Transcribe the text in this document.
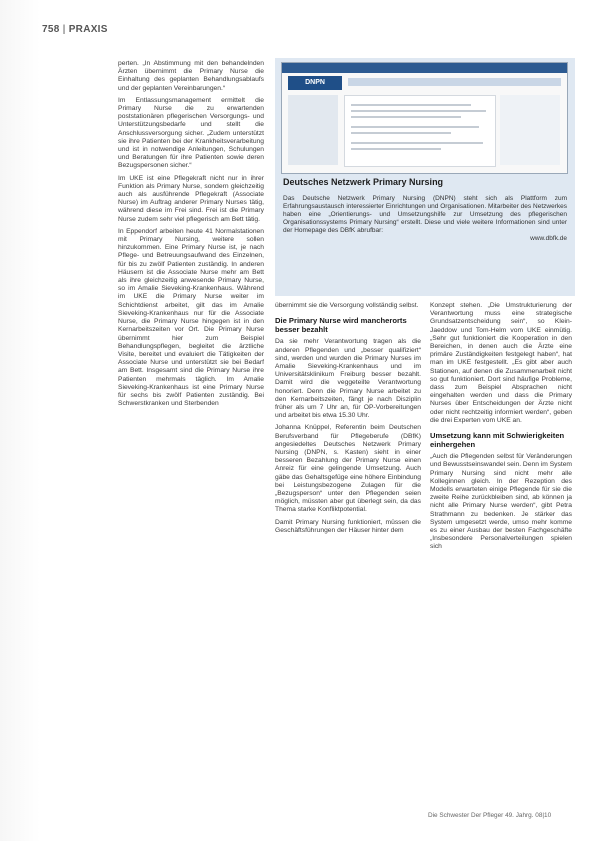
758 | PRAXIS

perten. „In Abstimmung mit den behandelnden Ärzten übernimmt die Primary Nurse die Einhaltung des geplanten Behandlungsablaufs und der geplanten Vereinbarungen.“

Im Entlassungsmanagement ermittelt die Primary Nurse die zu erwartenden poststationären pflegerischen Versorgungs- und Unterstützungsbedarfe und stellt die Anschlussversorgung sicher. „Zudem unterstützt sie ihre Patienten bei der Krankheitsverarbeitung und ist in notwendige Anleitungen, Schulungen und Beratungen für ihre Patienten sowie deren Bezugspersonen sicher.“

Im UKE ist eine Pflegekraft nicht nur in ihrer Funktion als Primary Nurse, sondern gleichzeitig auch als ausführende Pflegekraft (Associate Nurse) im Auftrag anderer Primary Nurses tätig, während diese im Frei sind. Frei ist die Primary Nurse zudem sehr viel pflegerisch am Bett tätig.

In Eppendorf arbeiten heute 41 Normalstationen mit Primary Nursing, weitere sollen hinzukommen. Eine Primary Nurse ist, je nach Pflege- und Betreuungsaufwand des Einzelnen, für bis zu zwölf Patienten zuständig. In anderen Häusern ist die Associate Nurse mehr am Bett als ihre gleichzeitig anwesende Primary Nurse, so im Amalie Sieveking-Krankenhaus. Während im UKE die Primary Nurse weiter im Schichtdienst arbeitet, gilt das im Amalie Sieveking-Krankenhaus nur für die Associate Nurse, die Primary Nurse hingegen ist in den Kernarbeitszeiten vor Ort. Die Primary Nurse übernimmt hier zum Beispiel Behandlungspflegen, begleitet die ärztliche Visite, bereitet und evaluiert die Tätigkeiten der Associate Nurse und unterstützt sie bei Bedarf am Bett. Insgesamt sind die Primary Nurse ihre Patienten mehrmals täglich. Im Amalie Sieveking-Krankenhaus ist eine Primary Nurse für sechs bis zwölf Patienten zuständig. Bei Schwerstkranken und Sterbenden

DNPN
Deutsches Netzwerk Primary Nursing
Das Deutsche Netzwerk Primary Nursing (DNPN) steht sich als Plattform zum Erfahrungsaustausch interessierter Einrichtungen und Organisationen. Mitarbeiter des Netzwerkes haben eine „Orientierungs- und Umsetzungshilfe zur Umsetzung des pflegerischen Organisationssystems Primary Nursing“ erstellt. Diese und viele weitere Informationen sind unter der Homepage des DBfK abrufbar:
www.dbfk.de

übernimmt sie die Versorgung vollständig selbst.

Die Primary Nurse wird mancherorts besser bezahlt

Da sie mehr Verantwortung tragen als die anderen Pflegenden und „besser qualifiziert“ sind, werden und wurden die Primary Nurses im Amalie Sieveking-Krankenhaus und im Universitätsklinikum Freiburg besser bezahlt. Damit wird die veggeteilte Verantwortung honoriert. Denn die Primary Nurse arbeitet zu den Kernarbeitszeiten, fängt je nach Disziplin früher als um 7 Uhr an, für OP-Vorbereitungen und arbeitet bis etwa 15.30 Uhr.

Johanna Knüppel, Referentin beim Deutschen Berufsverband für Pflegeberufe (DBfK) angesiedeltes Deutsches Netzwerk Primary Nursing (DNPN, s. Kasten) sieht in einer besseren Bezahlung der Primary Nurse einen Anreiz für eine gelingende Umsetzung. Auch gäbe das Gehaltsgefüge eine höhere Einbindung bei Leistungsbezogene Zulagen für die „Bezugsperson“ unter den Pflegenden seien möglich, müssten aber gut überlegt sein, da das Thema starke Konfliktpotential.

Damit Primary Nursing funktioniert, müssen die Geschäftsführungen der Häuser hinter dem

Konzept stehen. „Die Umstrukturierung der Verantwortung muss eine strategische Grundsatzentscheidung sein“, so Klein-Jaeddow und Tom-Helm vom UKE einmütig. „Sehr gut funktioniert die Kooperation in den Bereichen, in denen auch die Ärzte eine primäre Zuständigkeiten festgelegt haben“, hat man im UKE festgestellt. „Es gibt aber auch Stationen, auf denen die Zusammenarbeit nicht so gut funktioniert. Dort sind häufige Probleme, dass zum Beispiel Absprachen nicht eingehalten werden und dass die Primary Nurses über Entscheidungen der Ärzte nicht oder nicht rechtzeitig informiert werden“, geben die drei Experten vom UKE an.

Umsetzung kann mit Schwierigkeiten einhergehen

„Auch die Pflegenden selbst für Veränderungen und Bewusstseinswandel sein. Denn im System Primary Nursing sind nicht mehr alle Kolleginnen gleich. In der Rezeption des Modells erwarteten einige Pflegende für sie die zweite Reihe zurückbleiben sind, ab können ja nicht alle Primary Nurse werden“, gibt Petra Strathmann zu bedenken. Je stärker das System umgesetzt werde, umso mehr komme es zu einer Ausbau der besten Fachgeschäfte „Insbesondere Personalverteilungen spielen sich

Die Schwester Der Pfleger 49. Jahrg. 08|10
